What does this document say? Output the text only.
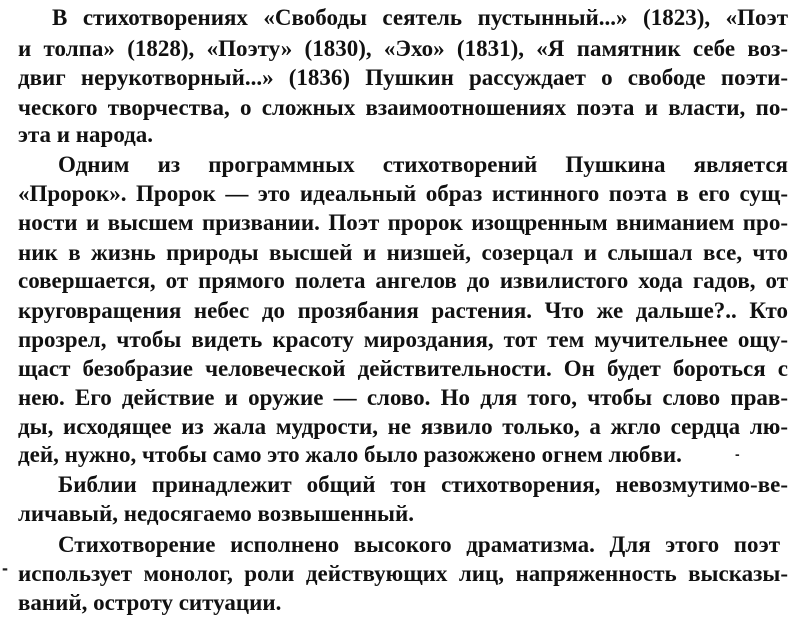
В стихотворениях «Свободы сеятель пустынный...» (1823), «Поэт
и толпа» (1828), «Поэту» (1830), «Эхо» (1831), «Я памятник себе воз-
двиг нерукотворный...» (1836) Пушкин рассуждает о свободе поэти-
ческого творчества, о сложных взаимоотношениях поэта и власти, по-
эта и народа.
Одним из программных стихотворений Пушкина является
«Пророк». Пророк — это идеальный образ истинного поэта в его сущ-
ности и высшем призвании. Поэт пророк изощренным вниманием про-
ник в жизнь природы высшей и низшей, созерцал и слышал все, что
совершается, от прямого полета ангелов до извилистого хода гадов, от
круговращения небес до прозябания растения. Что же дальше?.. Кто
прозрел, чтобы видеть красоту мироздания, тот тем мучительнее ощу-
щаст безобразие человеческой действительности. Он будет бороться с
нею. Его действие и оружие — слово. Но для того, чтобы слово прав-
ды, исходящее из жала мудрости, не язвило только, а жгло сердца лю-
дей, нужно, чтобы само это жало было разожжено огнем любви.	-
Библии принадлежит общий тон стихотворения, невозмутимо-ве-
личавый, недосягаемо возвышенный.
Стихотворение исполнено высокого драматизма. Для этого поэт
- использует монолог, роли действующих лиц, напряженность высказы-
ваний, остроту ситуации.
